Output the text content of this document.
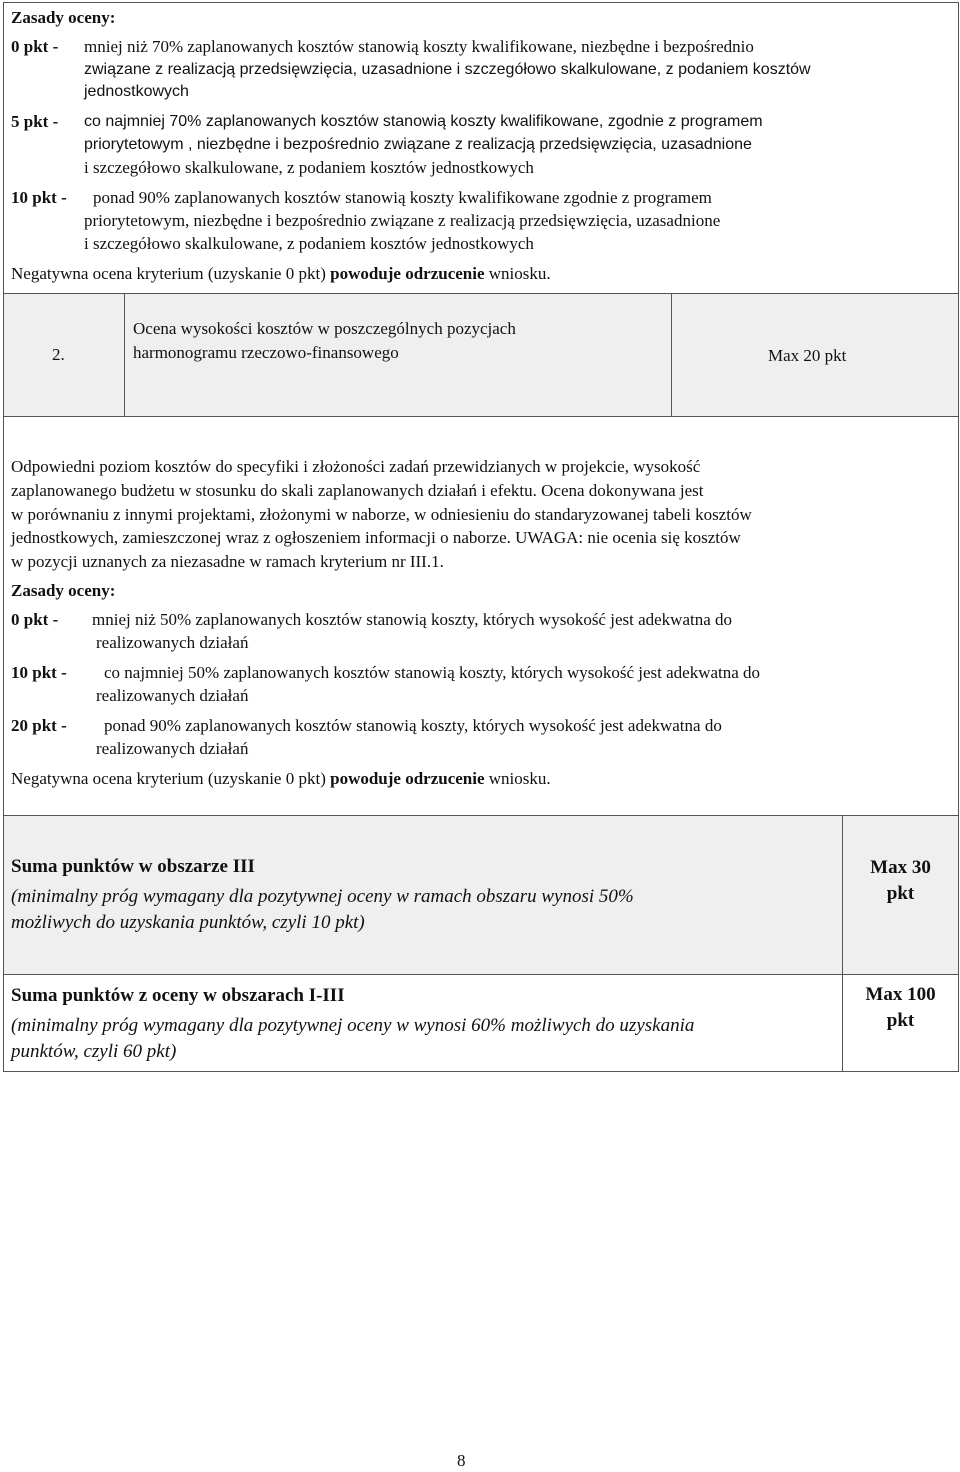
Zasady oceny:
0 pkt - mniej niż 70% zaplanowanych kosztów stanowią koszty kwalifikowane, niezbędne i bezpośrednio
związane z realizacją przedsięwzięcia, uzasadnione i szczegółowo skalkulowane, z podaniem kosztów
jednostkowych
5 pkt - co najmniej 70% zaplanowanych kosztów stanowią koszty kwalifikowane, zgodnie z programem
priorytetowym , niezbędne i bezpośrednio związane z realizacją przedsięwzięcia, uzasadnione
i szczegółowo skalkulowane, z podaniem kosztów jednostkowych
10 pkt - ponad 90% zaplanowanych kosztów stanowią koszty kwalifikowane zgodnie z programem
priorytetowym, niezbędne i bezpośrednio związane z realizacją przedsięwzięcia, uzasadnione
i szczegółowo skalkulowane, z podaniem kosztów jednostkowych
Negatywna ocena kryterium (uzyskanie 0 pkt) powoduje odrzucenie wniosku.
2.
Ocena wysokości kosztów w poszczególnych pozycjach
harmonogramu rzeczowo-finansowego	Max 20 pkt
Odpowiedni poziom kosztów do specyfiki i złożoności zadań przewidzianych w projekcie, wysokość
zaplanowanego budżetu w stosunku do skali zaplanowanych działań i efektu. Ocena dokonywana jest
w porównaniu z innymi projektami, złożonymi w naborze, w odniesieniu do standaryzowanej tabeli kosztów
jednostkowych, zamieszczonej wraz z ogłoszeniem informacji o naborze. UWAGA: nie ocenia się kosztów
w pozycji uznanych za niezasadne w ramach kryterium nr III.1.
Zasady oceny:
0 pkt - mniej niż 50% zaplanowanych kosztów stanowią koszty, których wysokość jest adekwatna do
realizowanych działań
10 pkt - co najmniej 50% zaplanowanych kosztów stanowią koszty, których wysokość jest adekwatna do
realizowanych działań
20 pkt - ponad 90% zaplanowanych kosztów stanowią koszty, których wysokość jest adekwatna do
realizowanych działań
Negatywna ocena kryterium (uzyskanie 0 pkt) powoduje odrzucenie wniosku.
Suma punktów w obszarze III
(minimalny próg wymagany dla pozytywnej oceny w ramach obszaru wynosi 50%
możliwych do uzyskania punktów, czyli 10 pkt)
Max 30
pkt
Suma punktów z oceny w obszarach I-III
(minimalny próg wymagany dla pozytywnej oceny w wynosi 60% możliwych do uzyskania
punktów, czyli 60 pkt)
Max 100
pkt
8
